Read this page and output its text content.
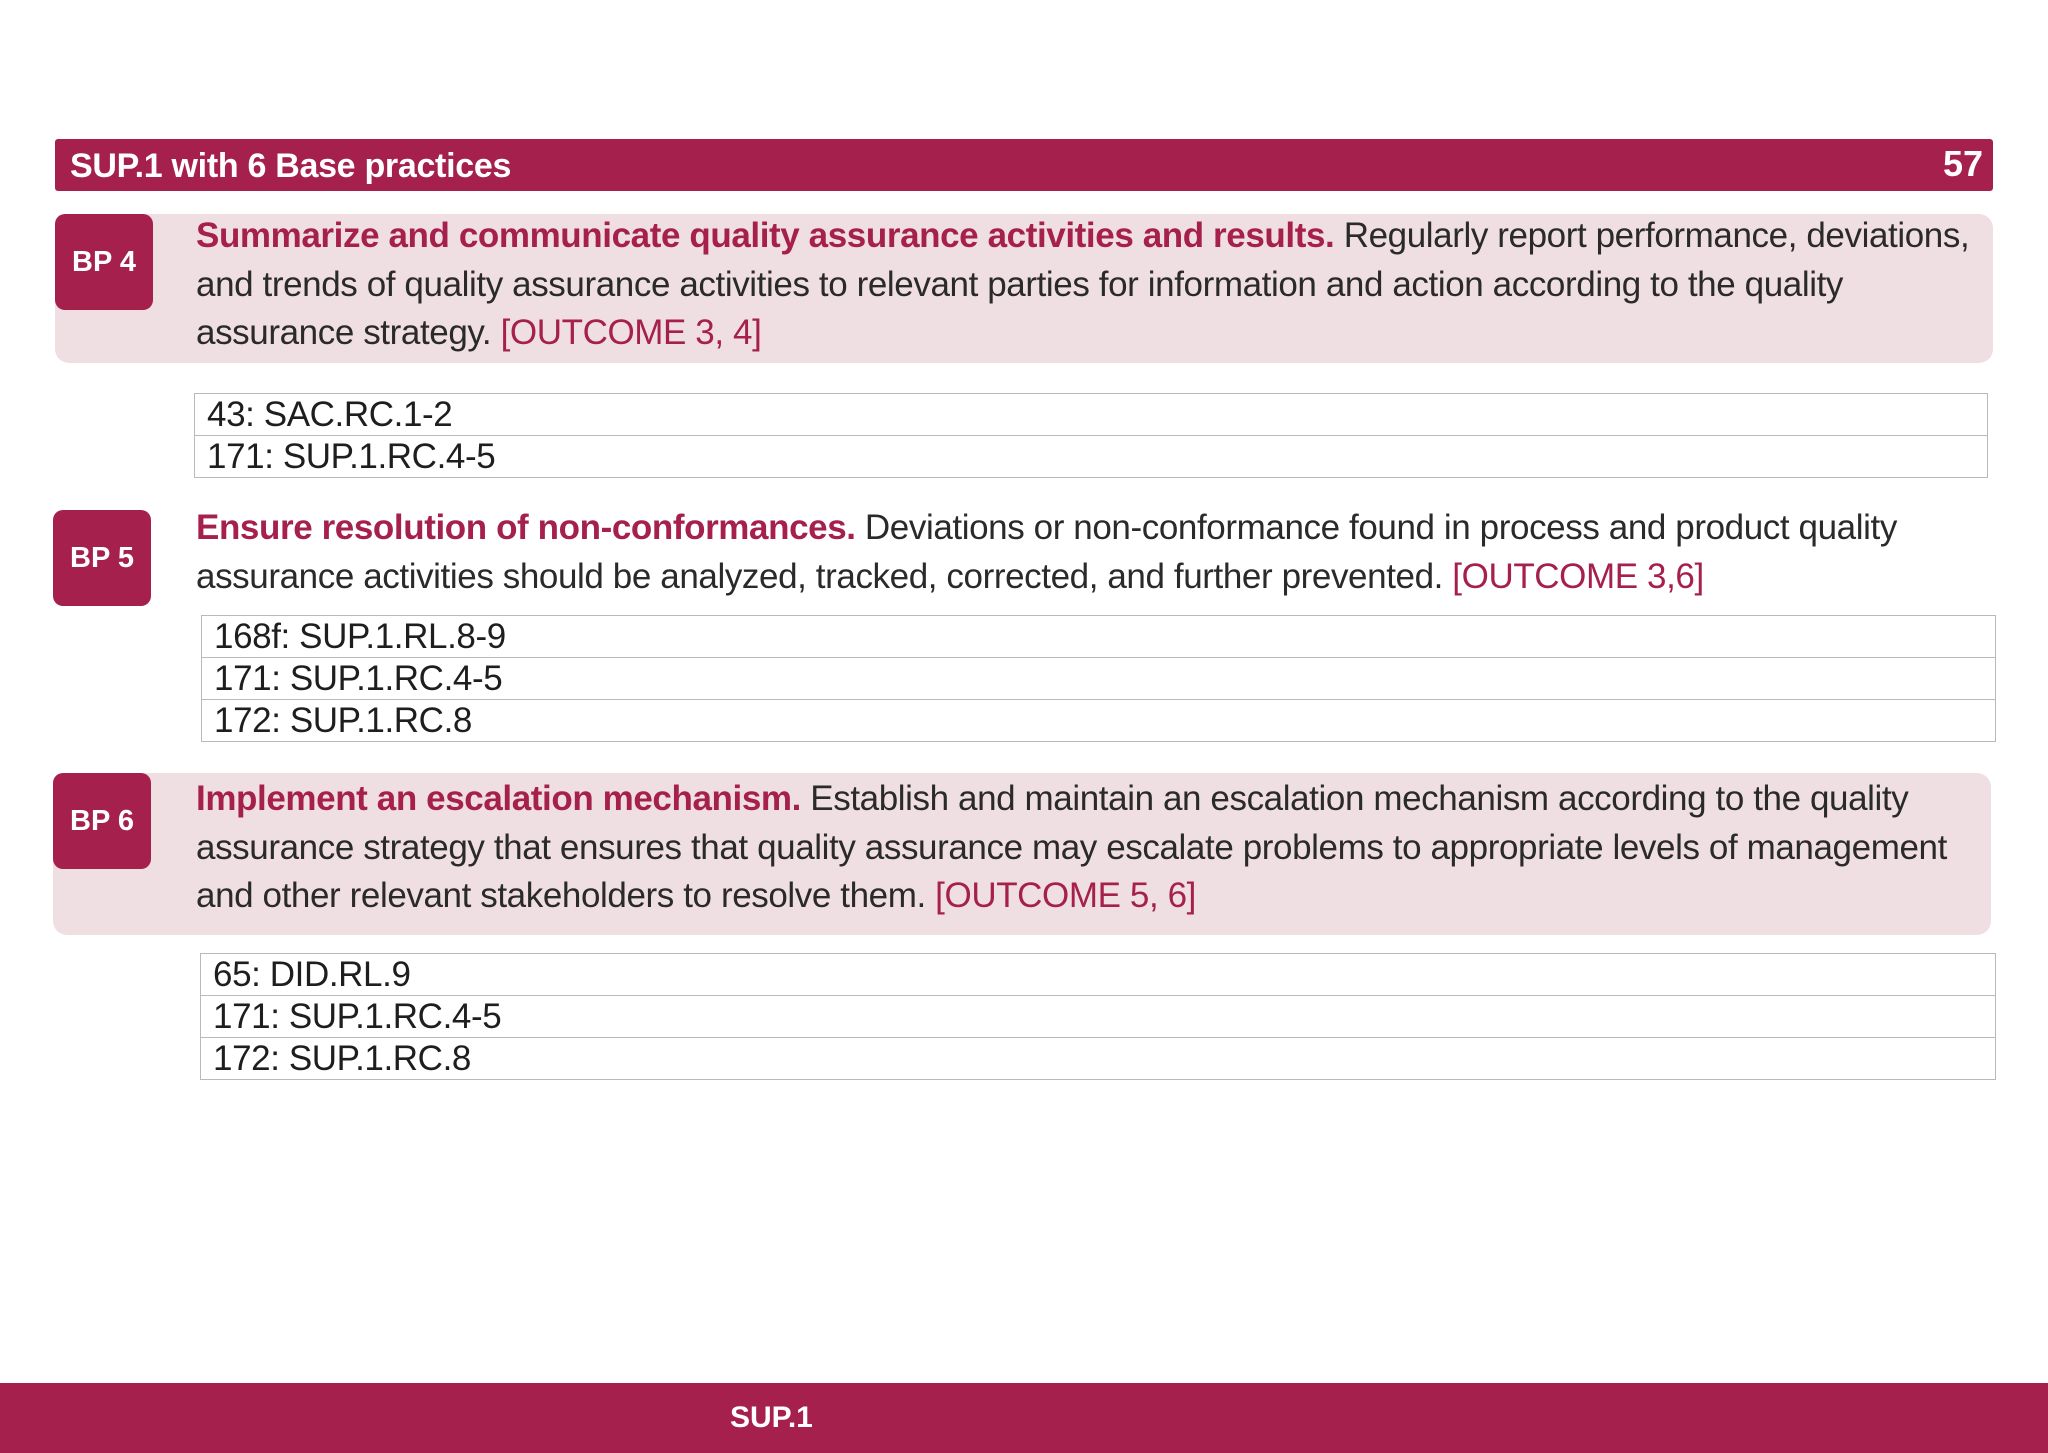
SUP.1 with 6 Base practices	57
BP 4
Summarize and communicate quality assurance activities and results. Regularly report performance, deviations, and trends of quality assurance activities to relevant parties for information and action according to the quality assurance strategy. [OUTCOME 3, 4]
43: SAC.RC.1-2
171: SUP.1.RC.4-5
BP 5
Ensure resolution of non-conformances. Deviations or non-conformance found in process and product quality assurance activities should be analyzed, tracked, corrected, and further prevented. [OUTCOME 3,6]
168f: SUP.1.RL.8-9
171: SUP.1.RC.4-5
172: SUP.1.RC.8
BP 6
Implement an escalation mechanism. Establish and maintain an escalation mechanism according to the quality assurance strategy that ensures that quality assurance may escalate problems to appropriate levels of management and other relevant stakeholders to resolve them. [OUTCOME 5, 6]
65: DID.RL.9
171: SUP.1.RC.4-5
172: SUP.1.RC.8
SUP.1
